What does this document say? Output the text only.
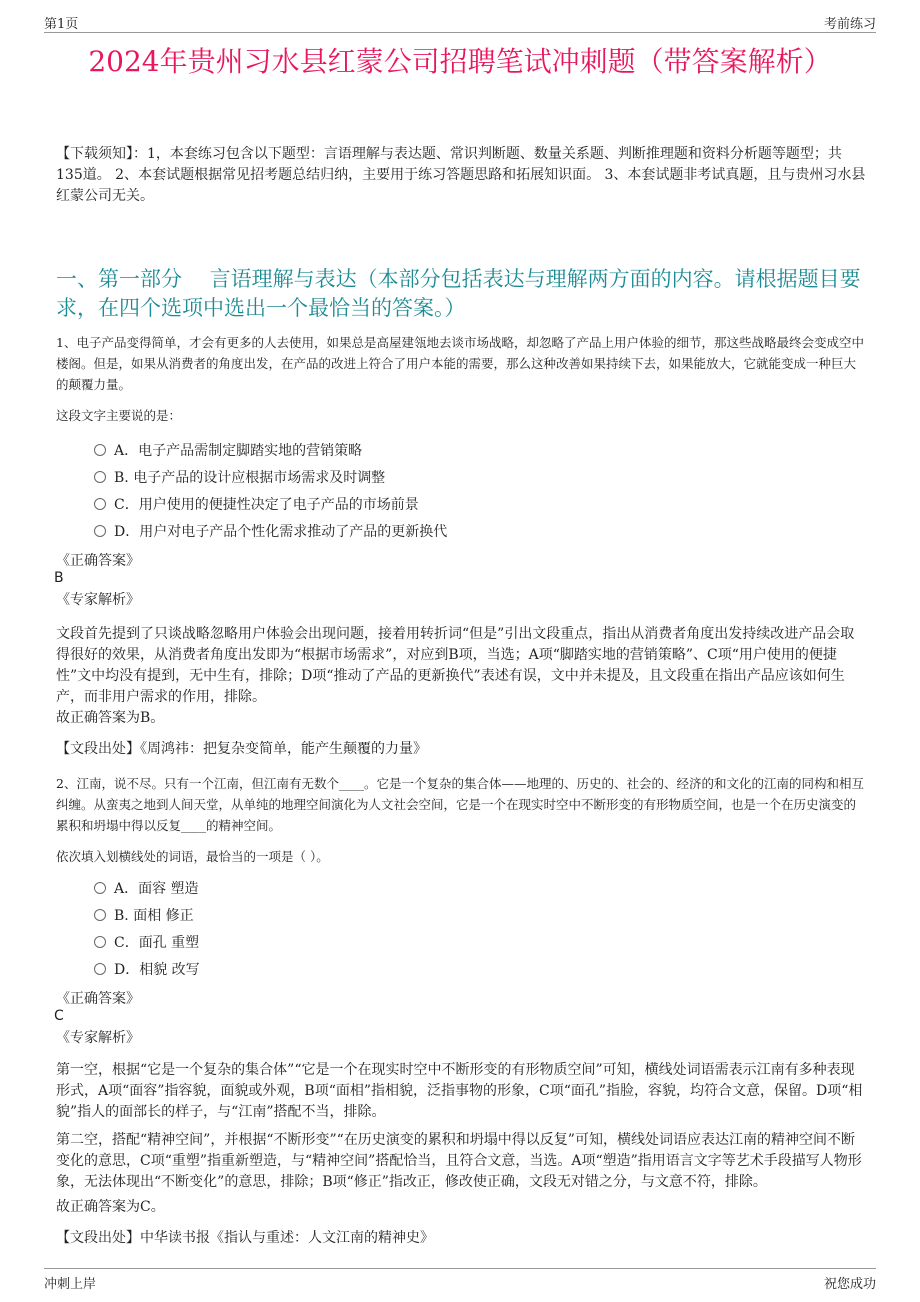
第1页	考前练习
2024年贵州习水县红蒙公司招聘笔试冲刺题（带答案解析）
【下载须知】：1，本套练习包含以下题型：言语理解与表达题、常识判断题、数量关系题、判断推理题和资料分析题等题型；共135道。 2、本套试题根据常见招考题总结归纳，主要用于练习答题思路和拓展知识面。 3、本套试题非考试真题，且与贵州习水县红蒙公司无关。
一、第一部分　 言语理解与表达（本部分包括表达与理解两方面的内容。请根据题目要求，在四个选项中选出一个最恰当的答案。）
1、电子产品变得简单，才会有更多的人去使用，如果总是高屋建瓴地去谈市场战略，却忽略了产品上用户体验的细节，那这些战略最终会变成空中楼阁。但是，如果从消费者的角度出发，在产品的改进上符合了用户本能的需要，那么这种改善如果持续下去，如果能放大，它就能变成一种巨大的颠覆力量。
这段文字主要说的是：
A．电子产品需制定脚踏实地的营销策略
B. 电子产品的设计应根据市场需求及时调整
C．用户使用的便捷性决定了电子产品的市场前景
D．用户对电子产品个性化需求推动了产品的更新换代
《正确答案》
B
《专家解析》
文段首先提到了只谈战略忽略用户体验会出现问题，接着用转折词“但是”引出文段重点，指出从消费者角度出发持续改进产品会取得很好的效果，从消费者角度出发即为“根据市场需求”，对应到B项，当选；A项“脚踏实地的营销策略”、C项“用户使用的便捷性”文中均没有提到，无中生有，排除；D项“推动了产品的更新换代”表述有误，文中并未提及，且文段重在指出产品应该如何生产，而非用户需求的作用，排除。
故正确答案为B。
【文段出处】《周鸿祎：把复杂变简单，能产生颠覆的力量》
2、江南，说不尽。只有一个江南，但江南有无数个____。它是一个复杂的集合体——地理的、历史的、社会的、经济的和文化的江南的同构和相互纠缠。从蛮夷之地到人间天堂，从单纯的地理空间演化为人文社会空间，它是一个在现实时空中不断形变的有形物质空间，也是一个在历史演变的累积和坍塌中得以反复____的精神空间。
依次填入划横线处的词语，最恰当的一项是（ ）。
A．面容 塑造
B. 面相 修正
C．面孔 重塑
D．相貌 改写
《正确答案》
C
《专家解析》
第一空，根据“它是一个复杂的集合体”“它是一个在现实时空中不断形变的有形物质空间”可知，横线处词语需表示江南有多种表现形式，A项“面容”指容貌，面貌或外观，B项“面相”指相貌，泛指事物的形象，C项“面孔”指脸，容貌，均符合文意，保留。D项“相貌”指人的面部长的样子，与“江南”搭配不当，排除。
第二空，搭配“精神空间”，并根据“不断形变”“在历史演变的累积和坍塌中得以反复”可知，横线处词语应表达江南的精神空间不断变化的意思，C项“重塑”指重新塑造，与“精神空间”搭配恰当，且符合文意，当选。A项“塑造”指用语言文字等艺术手段描写人物形象，无法体现出“不断变化”的意思，排除；B项“修正”指改正，修改使正确，文段无对错之分，与文意不符，排除。
故正确答案为C。
【文段出处】中华读书报《指认与重述：人文江南的精神史》
冲刺上岸	祝您成功
